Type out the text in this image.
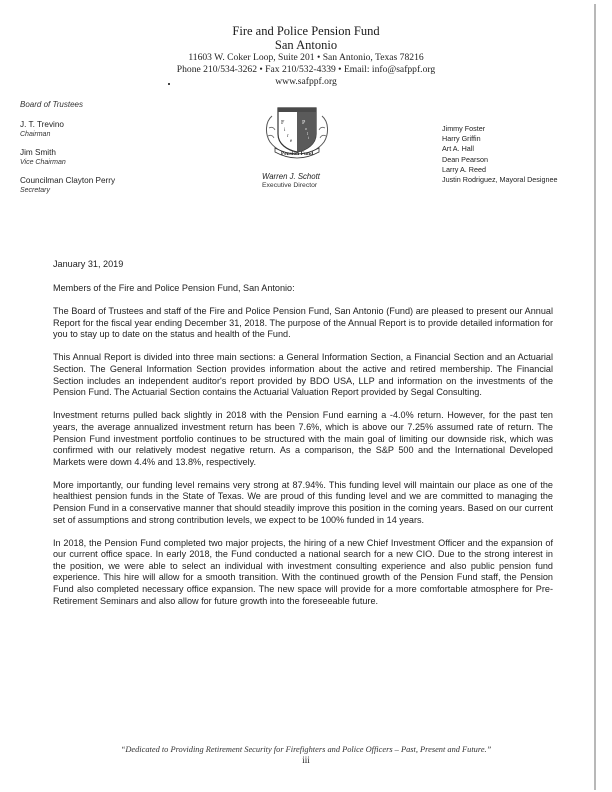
Fire and Police Pension Fund
San Antonio
11603 W. Coker Loop, Suite 201 • San Antonio, Texas 78216
Phone 210/534-3262 • Fax 210/532-4339 • Email: info@safppf.org
www.safppf.org
Board of Trustees
J. T. Trevino
Chairman
Jim Smith
Vice Chairman
Councilman Clayton Perry
Secretary
F
i
r
e
P
o
l
i
Pension Fund
Warren J. Schott
Executive Director
Jimmy Foster
Harry Griffin
Art A. Hall
Dean Pearson
Larry A. Reed
Justin Rodriguez, Mayoral Designee
January 31, 2019
Members of the Fire and Police Pension Fund, San Antonio:

The Board of Trustees and staff of the Fire and Police Pension Fund, San Antonio (Fund) are pleased to present our Annual Report for the fiscal year ending December 31, 2018. The purpose of the Annual Report is to provide detailed information for you to stay up to date on the status and health of the Fund.

This Annual Report is divided into three main sections: a General Information Section, a Financial Section and an Actuarial Section. The General Information Section provides information about the active and retired membership. The Financial Section includes an independent auditor's report provided by BDO USA, LLP and information on the investments of the Pension Fund. The Actuarial Section contains the Actuarial Valuation Report provided by Segal Consulting.

Investment returns pulled back slightly in 2018 with the Pension Fund earning a -4.0% return. However, for the past ten years, the average annualized investment return has been 7.6%, which is above our 7.25% assumed rate of return. The Pension Fund investment portfolio continues to be structured with the main goal of limiting our downside risk, which was confirmed with our relatively modest negative return. As a comparison, the S&P 500 and the International Developed Markets were down 4.4% and 13.8%, respectively.

More importantly, our funding level remains very strong at 87.94%. This funding level will maintain our place as one of the healthiest pension funds in the State of Texas. We are proud of this funding level and we are committed to managing the Pension Fund in a conservative manner that should steadily improve this position in the coming years. Based on our current set of assumptions and strong contribution levels, we expect to be 100% funded in 14 years.

In 2018, the Pension Fund completed two major projects, the hiring of a new Chief Investment Officer and the expansion of our current office space. In early 2018, the Fund conducted a national search for a new CIO. Due to the strong interest in the position, we were able to select an individual with investment consulting experience and also public pension fund experience. This hire will allow for a smooth transition. With the continued growth of the Pension Fund staff, the Pension Fund also completed necessary office expansion. The new space will provide for a more comfortable atmosphere for Pre-Retirement Seminars and also allow for future growth into the foreseeable future.

“Dedicated to Providing Retirement Security for Firefighters and Police Officers – Past, Present and Future.”
iii
